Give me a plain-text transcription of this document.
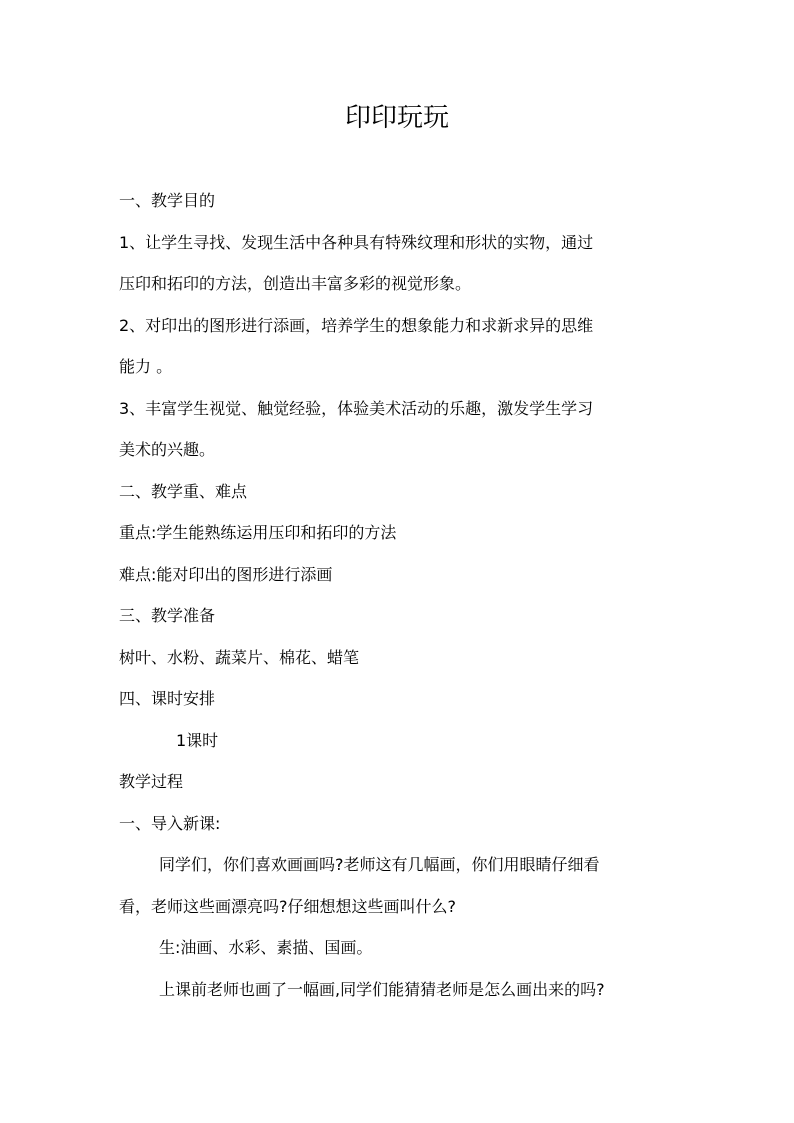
印印玩玩
一、教学目的
1、让学生寻找、发现生活中各种具有特殊纹理和形状的实物，通过
压印和拓印的方法，创造出丰富多彩的视觉形象。
2、对印出的图形进行添画，培养学生的想象能力和求新求异的思维
能力 。
3、丰富学生视觉、触觉经验，体验美术活动的乐趣，激发学生学习
美术的兴趣。
二、教学重、难点
重点:学生能熟练运用压印和拓印的方法
难点:能对印出的图形进行添画
三、教学准备
树叶、水粉、蔬菜片、棉花、蜡笔
四、课时安排
1课时
教学过程
一、导入新课:
同学们，你们喜欢画画吗?老师这有几幅画，你们用眼睛仔细看
看，老师这些画漂亮吗?仔细想想这些画叫什么?
生:油画、水彩、素描、国画。
上课前老师也画了一幅画,同学们能猜猜老师是怎么画出来的吗?
